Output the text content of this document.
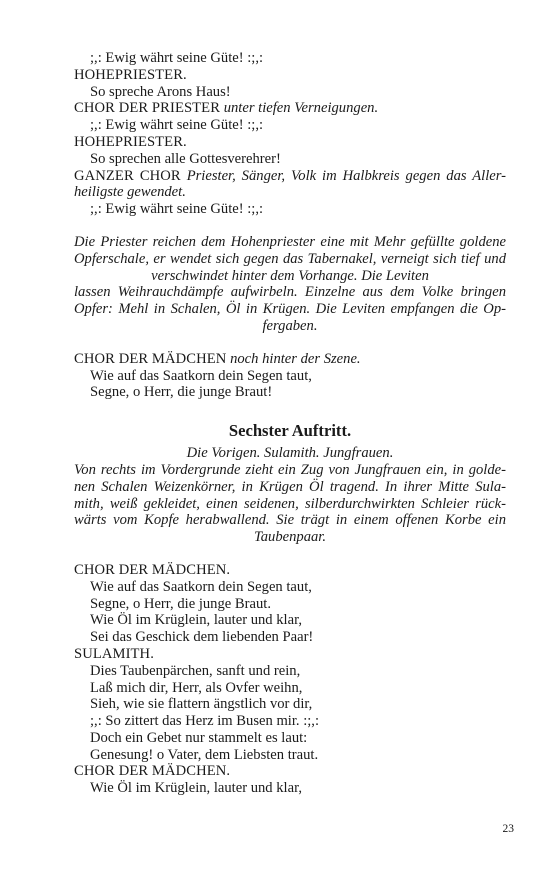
;,: Ewig währt seine Güte! :;,:
HOHEPRIESTER.
So spreche Arons Haus!
CHOR DER PRIESTER unter tiefen Verneigungen.
;,: Ewig währt seine Güte! :;,:
HOHEPRIESTER.
So sprechen alle Gottesverehrer!
GANZER CHOR Priester, Sänger, Volk im Halbkreis gegen das Aller-
heiligste gewendet.
;,: Ewig währt seine Güte! :;,:
Die Priester reichen dem Hohenpriester eine mit Mehr gefüllte goldene
Opferschale, er wendet sich gegen das Tabernakel, verneigt sich tief und
verschwindet hinter dem Vorhange. Die Leviten
lassen Weihrauchdämpfe aufwirbeln. Einzelne aus dem Volke bringen
Opfer: Mehl in Schalen, Öl in Krügen. Die Leviten empfangen die Op-
fergaben.
CHOR DER MÄDCHEN noch hinter der Szene.
Wie auf das Saatkorn dein Segen taut,
Segne, o Herr, die junge Braut!
Sechster Auftritt.
Die Vorigen. Sulamith. Jungfrauen.
Von rechts im Vordergrunde zieht ein Zug von Jungfrauen ein, in golde-
nen Schalen Weizenkörner, in Krügen Öl tragend. In ihrer Mitte Sula-
mith, weiß gekleidet, einen seidenen, silberdurchwirkten Schleier rück-
wärts vom Kopfe herabwallend. Sie trägt in einem offenen Korbe ein
Taubenpaar.
CHOR DER MÄDCHEN.
Wie auf das Saatkorn dein Segen taut,
Segne, o Herr, die junge Braut.
Wie Öl im Krüglein, lauter und klar,
Sei das Geschick dem liebenden Paar!
SULAMITH.
Dies Taubenpärchen, sanft und rein,
Laß mich dir, Herr, als Ovfer weihn,
Sieh, wie sie flattern ängstlich vor dir,
;,: So zittert das Herz im Busen mir. :;,:
Doch ein Gebet nur stammelt es laut:
Genesung! o Vater, dem Liebsten traut.
CHOR DER MÄDCHEN.
Wie Öl im Krüglein, lauter und klar,
23
